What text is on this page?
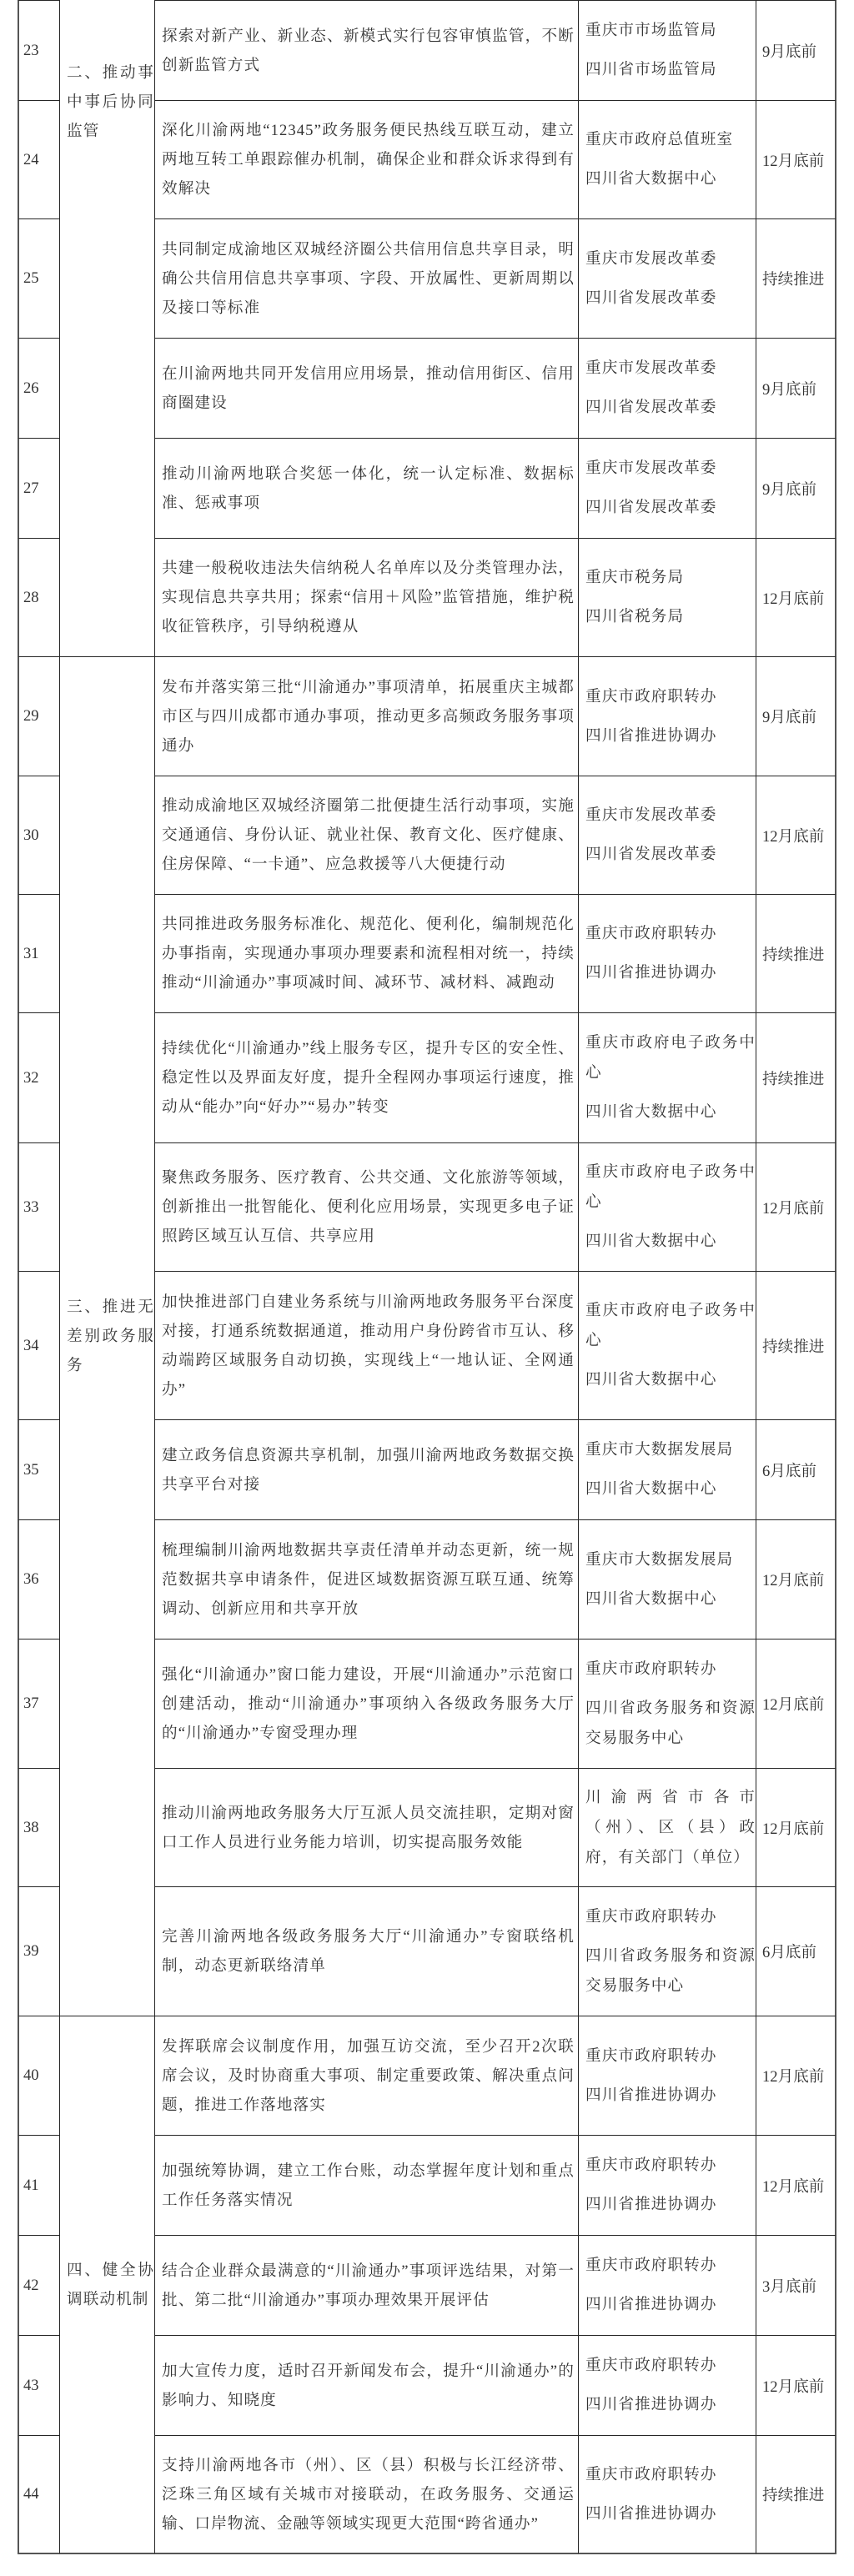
二、推动事中事后协同监管
三、推进无差别政务服务
四、健全协调联动机制
23
探索对新产业、新业态、新模式实行包容审慎监管，不断创新监管方式

重庆市市场监管局

四川省市场监管局

9月底前
24
深化川渝两地“12345”政务服务便民热线互联互动，建立两地互转工单跟踪催办机制，确保企业和群众诉求得到有效解决

重庆市政府总值班室

四川省大数据中心

12月底前
25
共同制定成渝地区双城经济圈公共信用信息共享目录，明确公共信用信息共享事项、字段、开放属性、更新周期以及接口等标准

重庆市发展改革委

四川省发展改革委

持续推进
26
在川渝两地共同开发信用应用场景，推动信用街区、信用商圈建设

重庆市发展改革委

四川省发展改革委

9月底前
27
推动川渝两地联合奖惩一体化，统一认定标准、数据标准、惩戒事项

重庆市发展改革委

四川省发展改革委

9月底前
28
共建一般税收违法失信纳税人名单库以及分类管理办法，实现信息共享共用；探索“信用＋风险”监管措施，维护税收征管秩序，引导纳税遵从

重庆市税务局

四川省税务局

12月底前
29
发布并落实第三批“川渝通办”事项清单，拓展重庆主城都市区与四川成都市通办事项，推动更多高频政务服务事项通办

重庆市政府职转办

四川省推进协调办

9月底前
30
推动成渝地区双城经济圈第二批便捷生活行动事项，实施交通通信、身份认证、就业社保、教育文化、医疗健康、住房保障、“一卡通”、应急救援等八大便捷行动

重庆市发展改革委

四川省发展改革委

12月底前
31
共同推进政务服务标准化、规范化、便利化，编制规范化办事指南，实现通办事项办理要素和流程相对统一，持续推动“川渝通办”事项减时间、减环节、减材料、减跑动

重庆市政府职转办

四川省推进协调办

持续推进
32
持续优化“川渝通办”线上服务专区，提升专区的安全性、稳定性以及界面友好度，提升全程网办事项运行速度，推动从“能办”向“好办”“易办”转变

重庆市政府电子政务中心

四川省大数据中心

持续推进
33
聚焦政务服务、医疗教育、公共交通、文化旅游等领域，创新推出一批智能化、便利化应用场景，实现更多电子证照跨区域互认互信、共享应用

重庆市政府电子政务中心

四川省大数据中心

12月底前
34
加快推进部门自建业务系统与川渝两地政务服务平台深度对接，打通系统数据通道，推动用户身份跨省市互认、移动端跨区域服务自动切换，实现线上“一地认证、全网通办”

重庆市政府电子政务中心

四川省大数据中心

持续推进
35
建立政务信息资源共享机制，加强川渝两地政务数据交换共享平台对接

重庆市大数据发展局

四川省大数据中心

6月底前
36
梳理编制川渝两地数据共享责任清单并动态更新，统一规范数据共享申请条件，促进区域数据资源互联互通、统筹调动、创新应用和共享开放

重庆市大数据发展局

四川省大数据中心

12月底前
37
强化“川渝通办”窗口能力建设，开展“川渝通办”示范窗口创建活动，推动“川渝通办”事项纳入各级政务服务大厅的“川渝通办”专窗受理办理

重庆市政府职转办

四川省政务服务和资源交易服务中心

12月底前
38
推动川渝两地政务服务大厅互派人员交流挂职，定期对窗口工作人员进行业务能力培训，切实提高服务效能

川渝两省市各市（州）、区（县）政府，有关部门（单位）

12月底前
39
完善川渝两地各级政务服务大厅“川渝通办”专窗联络机制，动态更新联络清单

重庆市政府职转办

四川省政务服务和资源交易服务中心

6月底前
40
发挥联席会议制度作用，加强互访交流，至少召开2次联席会议，及时协商重大事项、制定重要政策、解决重点问题，推进工作落地落实

重庆市政府职转办

四川省推进协调办

12月底前
41
加强统筹协调，建立工作台账，动态掌握年度计划和重点工作任务落实情况

重庆市政府职转办

四川省推进协调办

12月底前
42
结合企业群众最满意的“川渝通办”事项评选结果，对第一批、第二批“川渝通办”事项办理效果开展评估

重庆市政府职转办

四川省推进协调办

3月底前
43
加大宣传力度，适时召开新闻发布会，提升“川渝通办”的影响力、知晓度

重庆市政府职转办

四川省推进协调办

12月底前
44
支持川渝两地各市（州）、区（县）积极与长江经济带、泛珠三角区域有关城市对接联动，在政务服务、交通运输、口岸物流、金融等领域实现更大范围“跨省通办”

重庆市政府职转办

四川省推进协调办

持续推进
